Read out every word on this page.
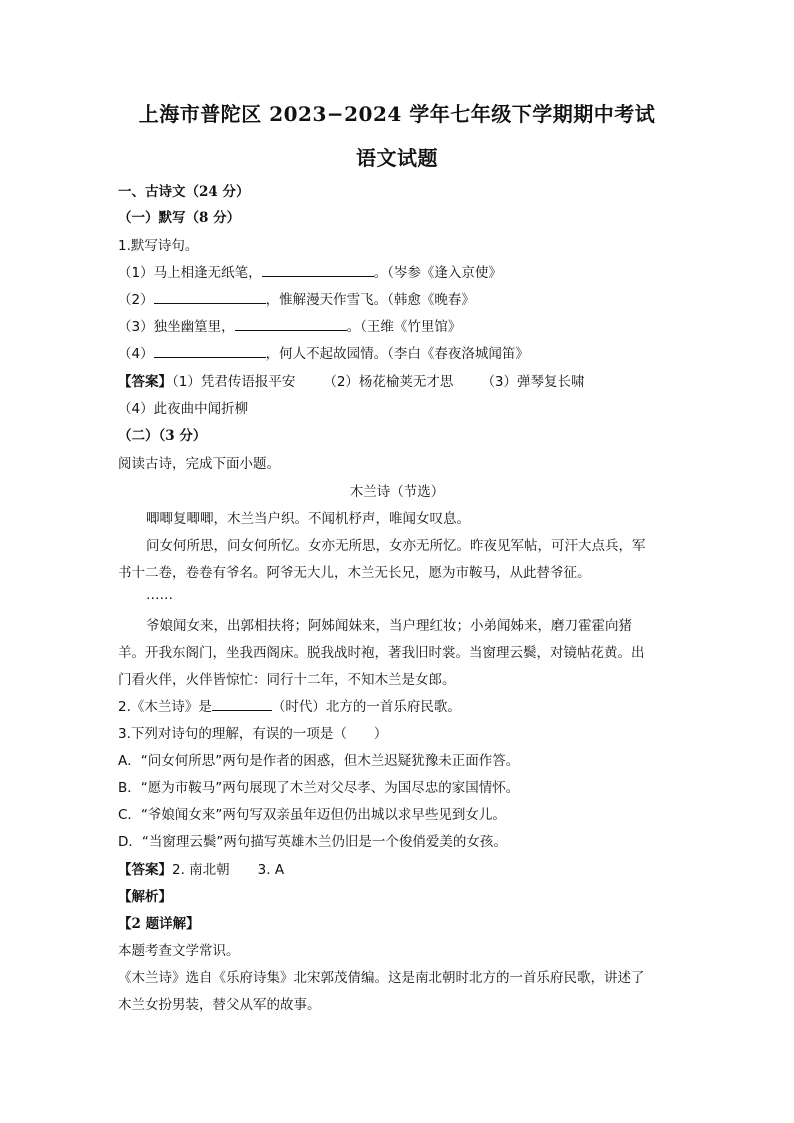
上海市普陀区 2023−2024 学年七年级下学期期中考试
语文试题
一、古诗文（24 分）
（一）默写（8 分）
1.默写诗句。
（1）马上相逢无纸笔，	。（岑参《逢入京使》
（2）	，惟解漫天作雪飞。（韩愈《晚春》
（3）独坐幽篁里，	。（王维《竹里馆》
（4）	，何人不起故园情。（李白《春夜洛城闻笛》
【答案】（1）凭君传语报平安 （2）杨花榆荚无才思 （3）弹琴复长啸
（4）此夜曲中闻折柳
（二）（3 分）
阅读古诗，完成下面小题。
木兰诗（节选）
唧唧复唧唧，木兰当户织。不闻机杼声，唯闻女叹息。
问女何所思，问女何所忆。女亦无所思，女亦无所忆。昨夜见军帖，可汗大点兵，军
书十二卷，卷卷有爷名。阿爷无大儿，木兰无长兄，愿为市鞍马，从此替爷征。
……
爷娘闻女来，出郭相扶将；阿姊闻妹来，当户理红妆；小弟闻姊来，磨刀霍霍向猪
羊。开我东阁门，坐我西阁床。脱我战时袍，著我旧时裳。当窗理云鬓，对镜帖花黄。出
门看火伴，火伴皆惊忙：同行十二年，不知木兰是女郎。
2.《木兰诗》是	（时代）北方的一首乐府民歌。
3.下列对诗句的理解，有误的一项是（　　）
A．“问女何所思”两句是作者的困惑，但木兰迟疑犹豫未正面作答。
B．“愿为市鞍马”两句展现了木兰对父尽孝、为国尽忠的家国情怀。
C．“爷娘闻女来”两句写双亲虽年迈但仍出城以求早些见到女儿。
D．“当窗理云鬓”两句描写英雄木兰仍旧是一个俊俏爱美的女孩。
【答案】2. 南北朝 3. A
【解析】
【2 题详解】
本题考查文学常识。
《木兰诗》选自《乐府诗集》北宋郭茂倩编。这是南北朝时北方的一首乐府民歌，讲述了
木兰女扮男装，替父从军的故事。
